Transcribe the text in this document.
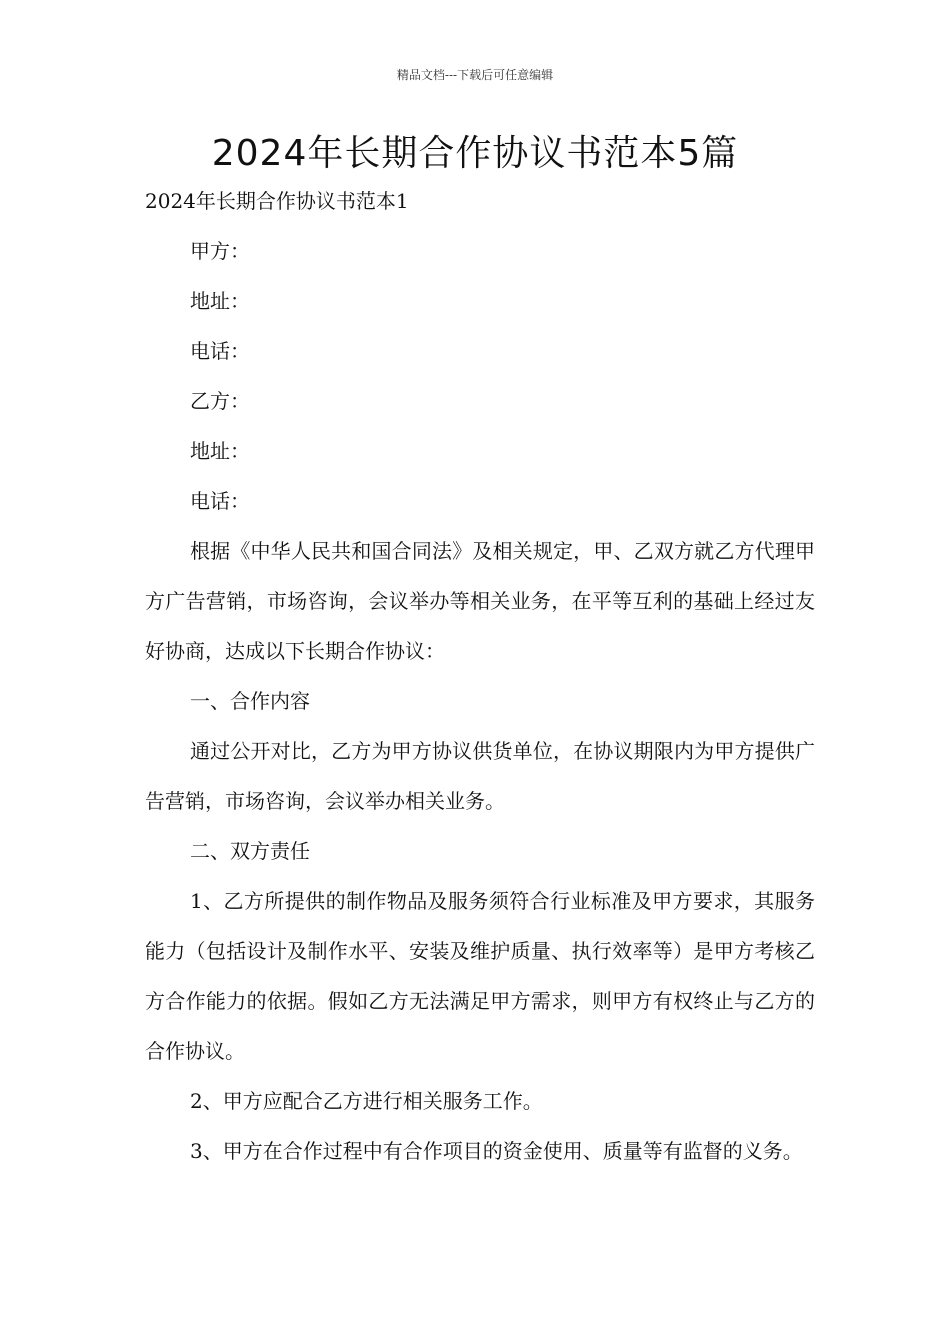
精品文档---下载后可任意编辑
2024年长期合作协议书范本5篇

2024年长期合作协议书范本1

甲方：

地址：

电话：

乙方：

地址：

电话：

根据《中华人民共和国合同法》及相关规定，甲、乙双方就乙方代理甲方广告营销，市场咨询，会议举办等相关业务，在平等互利的基础上经过友好协商，达成以下长期合作协议：

一、合作内容

通过公开对比，乙方为甲方协议供货单位，在协议期限内为甲方提供广告营销，市场咨询，会议举办相关业务。

二、双方责任

1、乙方所提供的制作物品及服务须符合行业标准及甲方要求，其服务能力（包括设计及制作水平、安装及维护质量、执行效率等）是甲方考核乙方合作能力的依据。假如乙方无法满足甲方需求，则甲方有权终止与乙方的合作协议。

2、甲方应配合乙方进行相关服务工作。

3、甲方在合作过程中有合作项目的资金使用、质量等有监督的义务。
